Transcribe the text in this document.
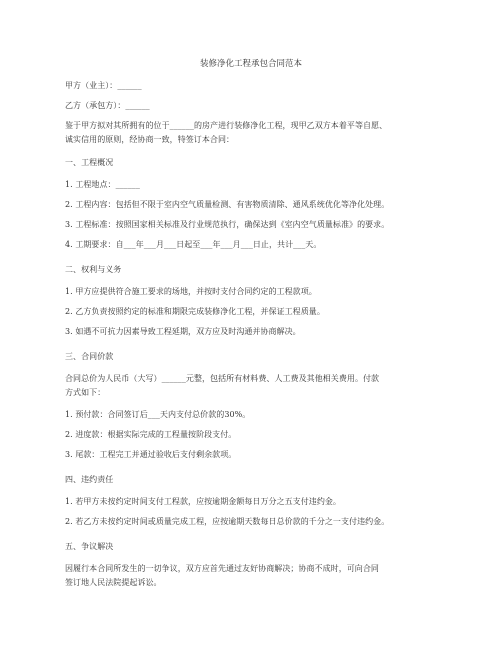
装修净化工程承包合同范本
甲方（业主）：______
乙方（承包方）：______
鉴于甲方拟对其所拥有的位于______的房产进行装修净化工程，现甲乙双方本着平等自愿、
诚实信用的原则，经协商一致，特签订本合同：
一、工程概况
1. 工程地点：______
2. 工程内容：包括但不限于室内空气质量检测、有害物质清除、通风系统优化等净化处理。
3. 工程标准：按照国家相关标准及行业规范执行，确保达到《室内空气质量标准》的要求。
4. 工期要求：自___年___月___日起至___年___月___日止，共计___天。
二、权利与义务
1. 甲方应提供符合施工要求的场地，并按时支付合同约定的工程款项。
2. 乙方负责按照约定的标准和期限完成装修净化工程，并保证工程质量。
3. 如遇不可抗力因素导致工程延期，双方应及时沟通并协商解决。
三、合同价款
合同总价为人民币（大写）______元整，包括所有材料费、人工费及其他相关费用。付款
方式如下：
1. 预付款：合同签订后___天内支付总价款的30%。
2. 进度款：根据实际完成的工程量按阶段支付。
3. 尾款：工程完工并通过验收后支付剩余款项。
四、违约责任
1. 若甲方未按约定时间支付工程款，应按逾期金额每日万分之五支付违约金。
2. 若乙方未按约定时间或质量完成工程，应按逾期天数每日总价款的千分之一支付违约金。
五、争议解决
因履行本合同所发生的一切争议，双方应首先通过友好协商解决；协商不成时，可向合同
签订地人民法院提起诉讼。
